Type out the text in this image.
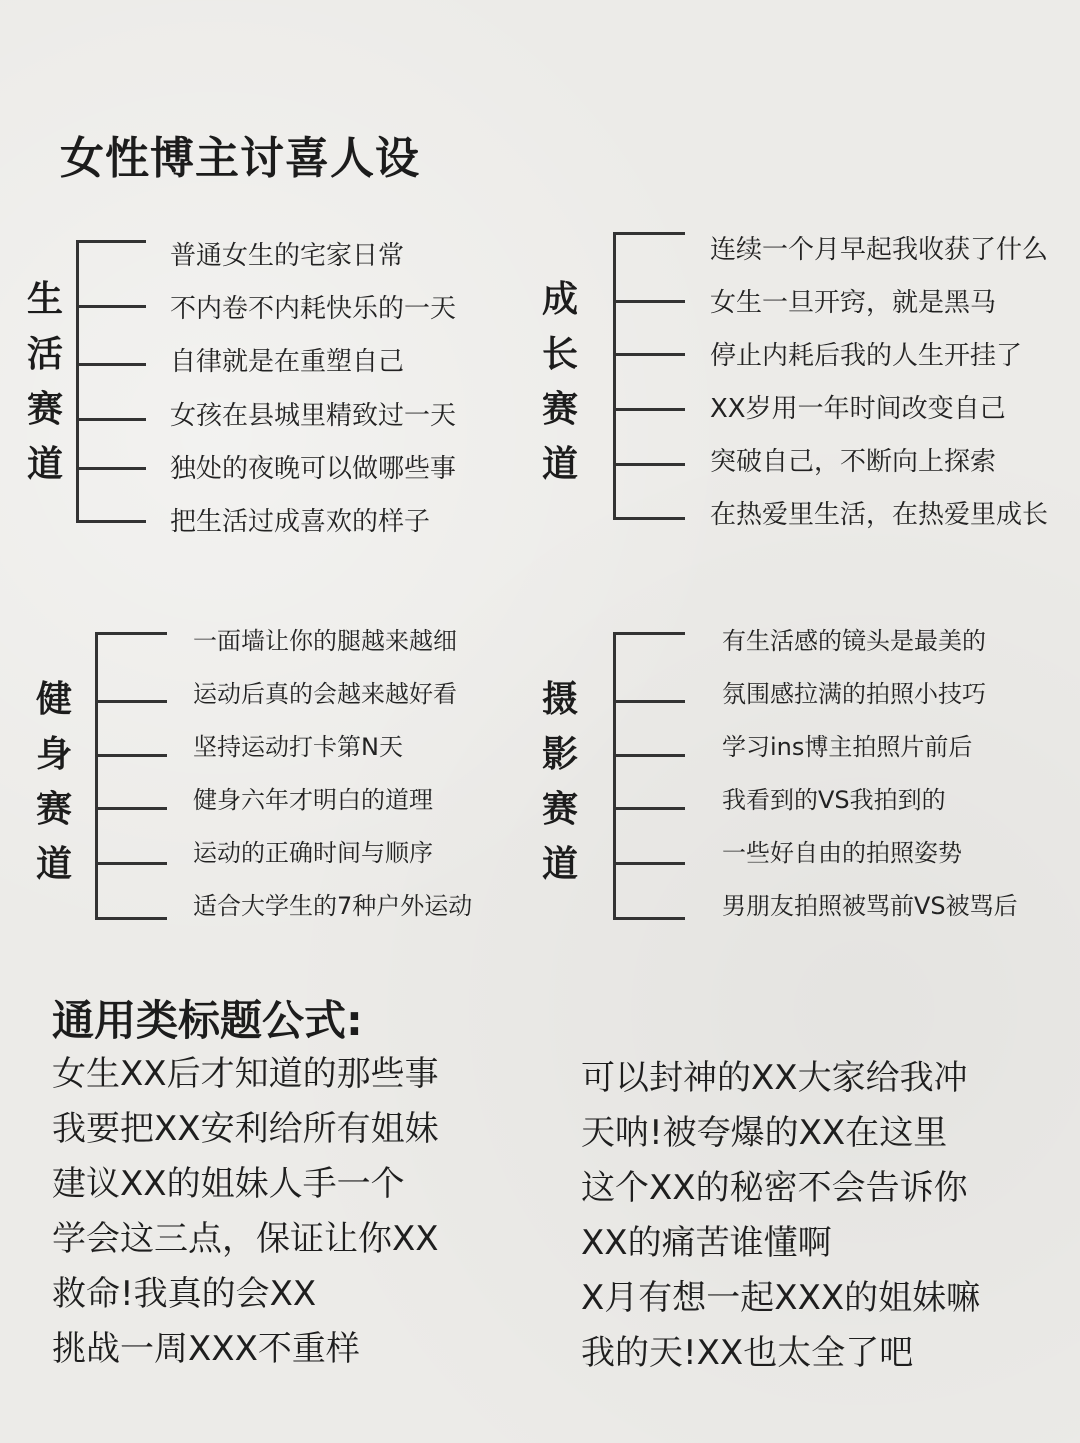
女性博主讨喜人设
生
活
赛
道
普通女生的宅家日常
不内卷不内耗快乐的一天
自律就是在重塑自己
女孩在县城里精致过一天
独处的夜晚可以做哪些事
把生活过成喜欢的样子
成
长
赛
道
连续一个月早起我收获了什么
女生一旦开窍，就是黑马
停止内耗后我的人生开挂了
XX岁用一年时间改变自己
突破自己，不断向上探索
在热爱里生活，在热爱里成长
健
身
赛
道
一面墙让你的腿越来越细
运动后真的会越来越好看
坚持运动打卡第N天
健身六年才明白的道理
运动的正确时间与顺序
适合大学生的7种户外运动
摄
影
赛
道
有生活感的镜头是最美的
氛围感拉满的拍照小技巧
学习ins博主拍照片前后
我看到的VS我拍到的
一些好自由的拍照姿势
男朋友拍照被骂前VS被骂后
通用类标题公式:
女生XX后才知道的那些事
我要把XX安利给所有姐妹
建议XX的姐妹人手一个
学会这三点，保证让你XX
救命!我真的会XX
挑战一周XXX不重样
可以封神的XX大家给我冲
天呐!被夸爆的XX在这里
这个XX的秘密不会告诉你
XX的痛苦谁懂啊
X月有想一起XXX的姐妹嘛
我的天!XX也太全了吧
